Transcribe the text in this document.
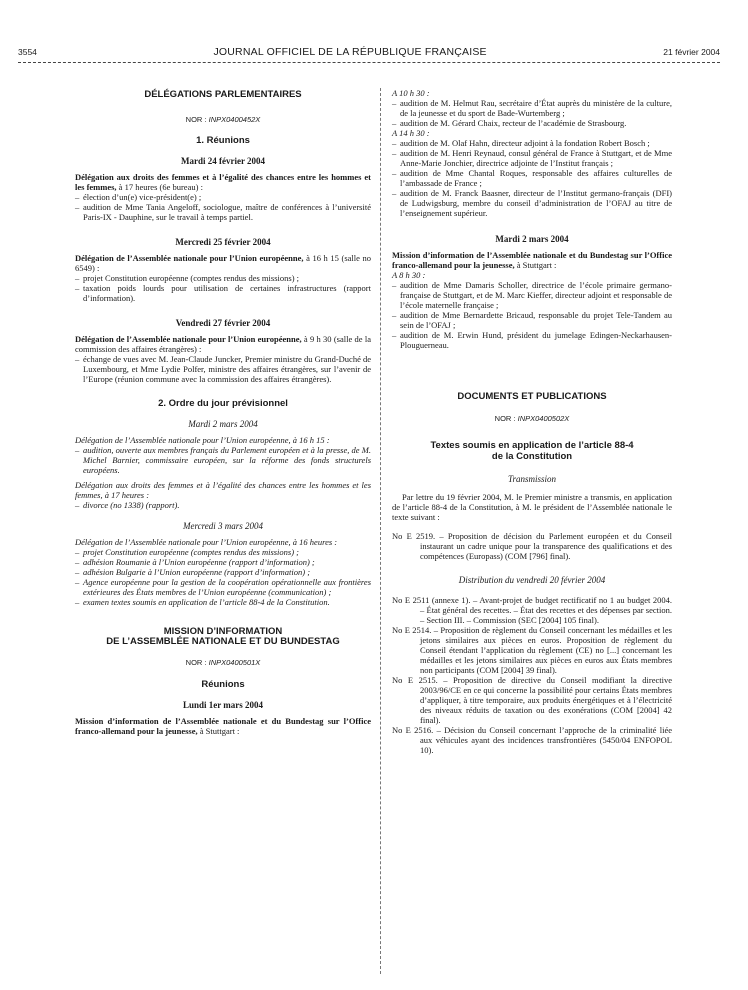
3554	JOURNAL OFFICIEL DE LA RÉPUBLIQUE FRANÇAISE	21 février 2004
DÉLÉGATIONS PARLEMENTAIRES
NOR : INPX0400452X
1. Réunions
Mardi 24 février 2004

Délégation aux droits des femmes et à l’égalité des chances entre les hommes et les femmes, à 17 heures (6e bureau) :

– élection d’un(e) vice-président(e) ;
– audition de Mme Tania Angeloff, sociologue, maître de conférences à l’université Paris-IX - Dauphine, sur le travail à temps partiel.
Mercredi 25 février 2004

Délégation de l’Assemblée nationale pour l’Union européenne, à 16 h 15 (salle no 6549) :

– projet Constitution européenne (comptes rendus des missions) ;
– taxation poids lourds pour utilisation de certaines infrastructures (rapport d’information).
Vendredi 27 février 2004

Délégation de l’Assemblée nationale pour l’Union européenne, à 9 h 30 (salle de la commission des affaires étrangères) :

– échange de vues avec M. Jean-Claude Juncker, Premier ministre du Grand-Duché de Luxembourg, et Mme Lydie Polfer, ministre des affaires étrangères, sur l’avenir de l’Europe (réunion commune avec la commission des affaires étrangères).
2. Ordre du jour prévisionnel
Mardi 2 mars 2004

Délégation de l’Assemblée nationale pour l’Union européenne, à 16 h 15 :

– audition, ouverte aux membres français du Parlement européen et à la presse, de M. Michel Barnier, commissaire européen, sur la réforme des fonds structurels européens.

Délégation aux droits des femmes et à l’égalité des chances entre les hommes et les femmes, à 17 heures :

– divorce (no 1338) (rapport).
Mercredi 3 mars 2004

Délégation de l’Assemblée nationale pour l’Union européenne, à 16 heures :

– projet Constitution européenne (comptes rendus des missions) ;
– adhésion Roumanie à l’Union européenne (rapport d’information) ;
– adhésion Bulgarie à l’Union européenne (rapport d’information) ;
– Agence européenne pour la gestion de la coopération opérationnelle aux frontières extérieures des États membres de l’Union européenne (communication) ;
– examen textes soumis en application de l’article 88-4 de la Constitution.
MISSION D’INFORMATION
DE L’ASSEMBLÉE NATIONALE ET DU BUNDESTAG
NOR : INPX0400501X
Réunions
Lundi 1er mars 2004

Mission d’information de l’Assemblée nationale et du Bundestag sur l’Office franco-allemand pour la jeunesse, à Stuttgart :

A 10 h 30 :

– audition de M. Helmut Rau, secrétaire d’État auprès du ministère de la culture, de la jeunesse et du sport de Bade-Wurtemberg ;
– audition de M. Gérard Chaix, recteur de l’académie de Strasbourg.

A 14 h 30 :

– audition de M. Olaf Hahn, directeur adjoint à la fondation Robert Bosch ;
– audition de M. Henri Reynaud, consul général de France à Stuttgart, et de Mme Anne-Marie Jonchier, directrice adjointe de l’Institut français ;
– audition de Mme Chantal Roques, responsable des affaires culturelles de l’ambassade de France ;
– audition de M. Franck Baasner, directeur de l’Institut germano-français (DFI) de Ludwigsburg, membre du conseil d’administration de l’OFAJ au titre de l’enseignement supérieur.
Mardi 2 mars 2004

Mission d’information de l’Assemblée nationale et du Bundestag sur l’Office franco-allemand pour la jeunesse, à Stuttgart :

A 8 h 30 :

– audition de Mme Damaris Scholler, directrice de l’école primaire germano-française de Stuttgart, et de M. Marc Kieffer, directeur adjoint et responsable de l’école maternelle française ;
– audition de Mme Bernardette Bricaud, responsable du projet Tele-Tandem au sein de l’OFAJ ;
– audition de M. Erwin Hund, président du jumelage Edingen-Neckarhausen-Plouguerneau.
DOCUMENTS ET PUBLICATIONS
NOR : INPX0400502X
Textes soumis en application de l’article 88-4
de la Constitution
Transmission

Par lettre du 19 février 2004, M. le Premier ministre a transmis, en application de l’article 88-4 de la Constitution, à M. le président de l’Assemblée nationale le texte suivant :

No E 2519. – Proposition de décision du Parlement européen et du Conseil instaurant un cadre unique pour la transparence des qualifications et des compétences (Europass) (COM [796] final).

Distribution du vendredi 20 février 2004

No E 2511 (annexe 1). – Avant-projet de budget rectificatif no 1 au budget 2004. – État général des recettes. – État des recettes et des dépenses par section. – Section III. – Commission (SEC [2004] 105 final).

No E 2514. – Proposition de règlement du Conseil concernant les médailles et les jetons similaires aux pièces en euros. Proposition de règlement du Conseil étendant l’application du règlement (CE) no [...] concernant les médailles et les jetons similaires aux pièces en euros aux États membres non participants (COM [2004] 39 final).

No E 2515. – Proposition de directive du Conseil modifiant la directive 2003/96/CE en ce qui concerne la possibilité pour certains États membres d’appliquer, à titre temporaire, aux produits énergétiques et à l’électricité des niveaux réduits de taxation ou des exonérations (COM [2004] 42 final).

No E 2516. – Décision du Conseil concernant l’approche de la criminalité liée aux véhicules ayant des incidences transfrontières (5450/04 ENFOPOL 10).
